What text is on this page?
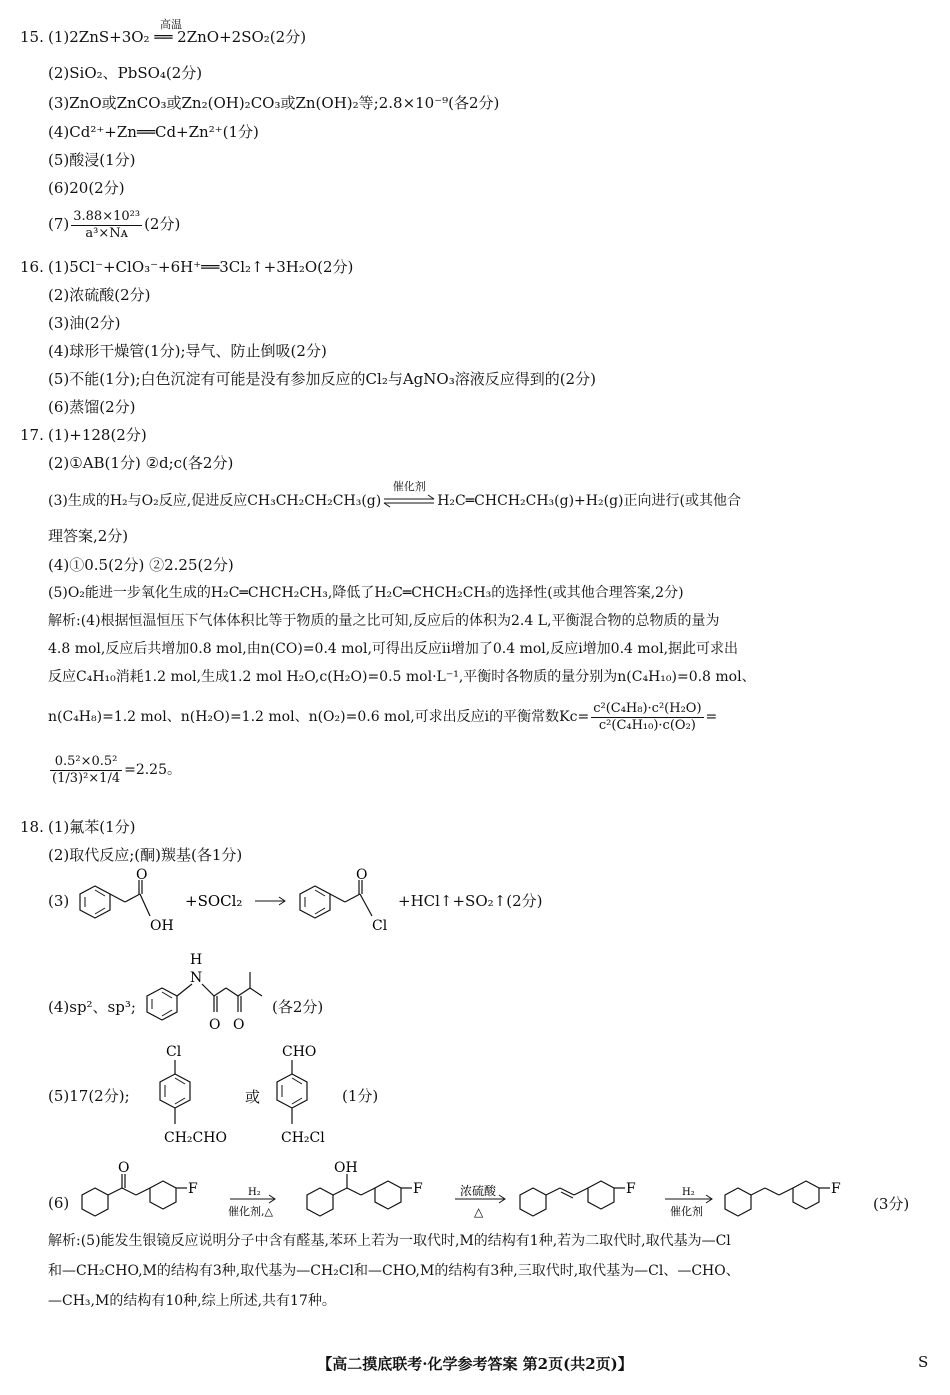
15. (1)2ZnS+3O₂ ══ 2ZnO+2SO₂(2分)
高温
(2)SiO₂、PbSO₄(2分)
(3)ZnO或ZnCO₃或Zn₂(OH)₂CO₃或Zn(OH)₂等;2.8×10⁻⁹(各2分)
(4)Cd²⁺+Zn══Cd+Zn²⁺(1分)
(5)酸浸(1分)
(6)20(2分)
$(7) \frac{\text{3.88×10²³}}{\text{a³×Nᴀ}} (2$分)
16. (1)5Cl⁻+ClO₃⁻+6H⁺══3Cl₂↑+3H₂O(2分)
(2)浓硫酸(2分)
(3)油(2分)
(4)球形干燥管(1分);导气、防止倒吸(2分)
(5)不能(1分);白色沉淀有可能是没有参加反应的Cl₂与AgNO₃溶液反应得到的(2分)
(6)蒸馏(2分)
17. (1)+128(2分)
(2)①AB(1分) ②d;c(各2分)
(3)生成的H₂与O₂反应,促进反应CH₃CH₂CH₂CH₃(g)
催化剂
H₂C═CHCH₂CH₃(g)+H₂(g)正向进行(或其他合
理答案,2分)
(4)①0.5(2分) ②2.25(2分)
(5)O₂能进一步氧化生成的H₂C═CHCH₂CH₃,降低了H₂C═CHCH₂CH₃的选择性(或其他合理答案,2分)
解析:(4)根据恒温恒压下气体体积比等于物质的量之比可知,反应后的体积为2.4 L,平衡混合物的总物质的量为
4.8 mol,反应后共增加0.8 mol,由n(CO)=0.4 mol,可得出反应ⅱ增加了0.4 mol,反应ⅰ增加0.4 mol,据此可求出
反应C₄H₁₀消耗1.2 mol,生成1.2 mol H₂O,c(H₂O)=0.5 mol·L⁻¹,平衡时各物质的量分别为n(C₄H₁₀)=0.8 mol、
n(C₄H₈)=1.2 mol、n(H₂O)=1.2 mol、n(O₂)=0.6 mol,可求出反应ⅰ的平衡常数$Kc= \frac{\text{c²(C₄H₈)·c²(H₂O)}}{\text{c²(C₄H₁₀)·c(O₂)}}$ =
$\frac{\text{0.5²×0.5²}}{\text{(1/3)²×1/4}} =2.25$。
18. (1)氟苯(1分)
(2)取代反应;(酮)羰基(各1分)
(3)
O
OH
+SOCl₂
O
Cl
+HCl↑+SO₂↑(2分)
(4)sp²、sp³;
H
N
O O
(各2分)
(5)17(2分);
Cl
CH₂CHO
或
CHO
CH₂Cl
(1分)
(6)
O
F	H₂
催化剂,△
OH
F	浓硫酸
△
F	H₂
催化剂
F
(3分)
解析:(5)能发生银镜反应说明分子中含有醛基,苯环上若为一取代时,M的结构有1种,若为二取代时,取代基为—Cl
和—CH₂CHO,M的结构有3种,取代基为—CH₂Cl和—CHO,M的结构有3种,三取代时,取代基为—Cl、—CHO、
—CH₃,M的结构有10种,综上所述,共有17种。
【高二摸底联考·化学参考答案 第2页(共2页)】	S
